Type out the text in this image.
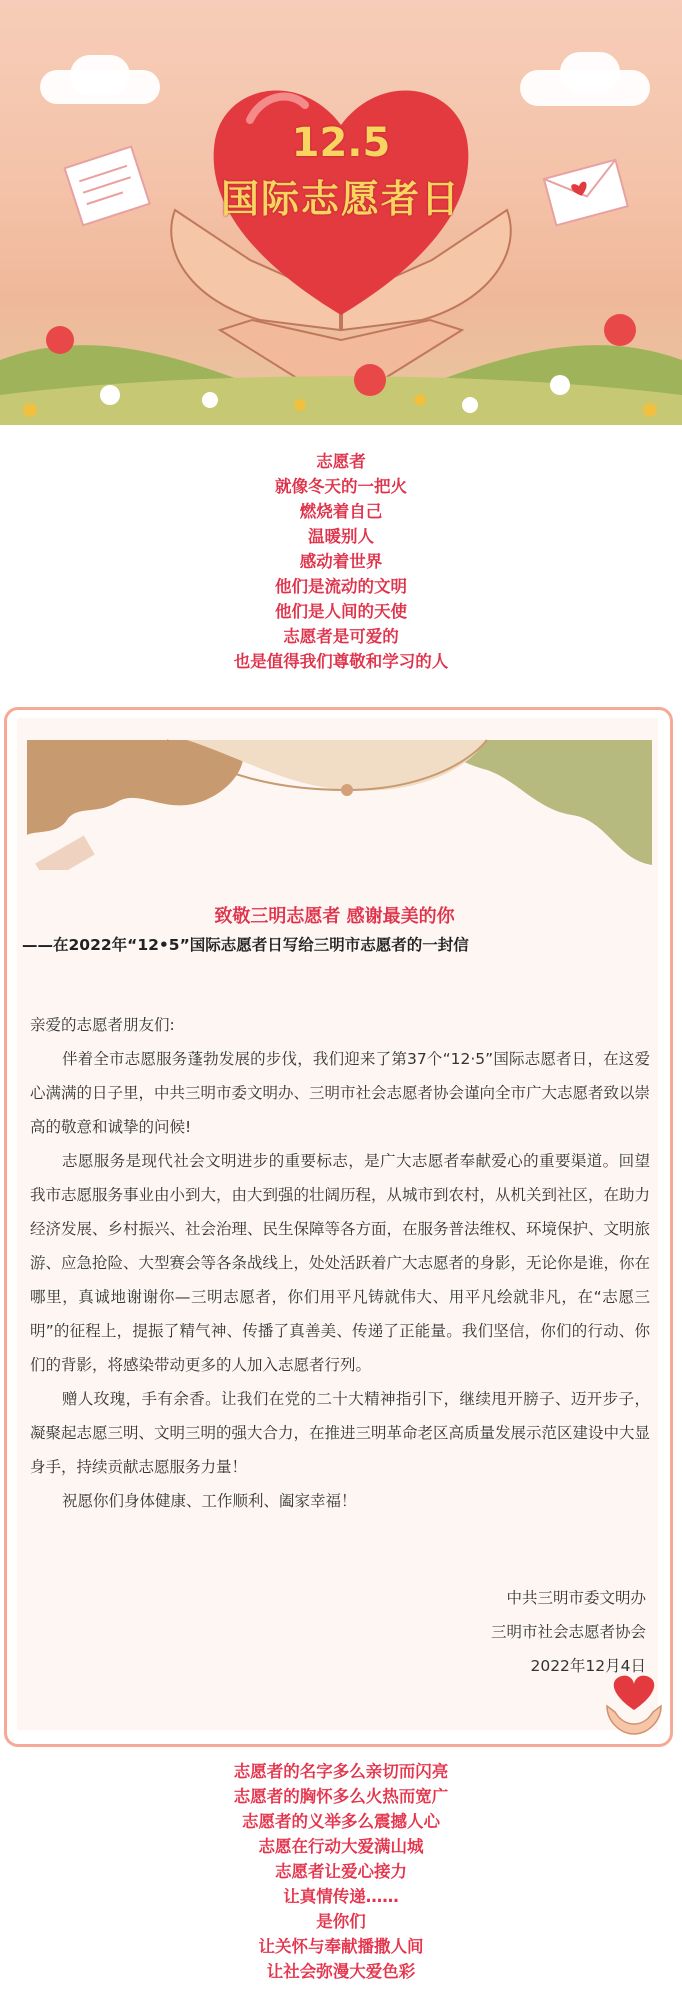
12.5
国际志愿者日
志愿者
就像冬天的一把火
燃烧着自己
温暖别人
感动着世界
他们是流动的文明
他们是人间的天使
志愿者是可爱的
也是值得我们尊敬和学习的人
致敬三明志愿者 感谢最美的你
——在2022年“12•5”国际志愿者日写给三明市志愿者的一封信

亲爱的志愿者朋友们:

伴着全市志愿服务蓬勃发展的步伐，我们迎来了第37个“12·5”国际志愿者日，在这爱心满满的日子里，中共三明市委文明办、三明市社会志愿者协会谨向全市广大志愿者致以崇高的敬意和诚挚的问候!

志愿服务是现代社会文明进步的重要标志，是广大志愿者奉献爱心的重要渠道。回望我市志愿服务事业由小到大，由大到强的壮阔历程，从城市到农村，从机关到社区，在助力经济发展、乡村振兴、社会治理、民生保障等各方面，在服务普法维权、环境保护、文明旅游、应急抢险、大型赛会等各条战线上，处处活跃着广大志愿者的身影，无论你是谁，你在哪里，真诚地谢谢你—三明志愿者，你们用平凡铸就伟大、用平凡绘就非凡，在“志愿三明”的征程上，提振了精气神、传播了真善美、传递了正能量。我们坚信，你们的行动、你们的背影，将感染带动更多的人加入志愿者行列。

赠人玫瑰，手有余香。让我们在党的二十大精神指引下，继续甩开膀子、迈开步子，凝聚起志愿三明、文明三明的强大合力，在推进三明革命老区高质量发展示范区建设中大显身手，持续贡献志愿服务力量！

祝愿你们身体健康、工作顺利、阖家幸福！

中共三明市委文明办
三明市社会志愿者协会
2022年12月4日
志愿者的名字多么亲切而闪亮
志愿者的胸怀多么火热而宽广
志愿者的义举多么震撼人心
志愿在行动大爱满山城
志愿者让爱心接力
让真情传递……
是你们
让关怀与奉献播撒人间
让社会弥漫大爱色彩
